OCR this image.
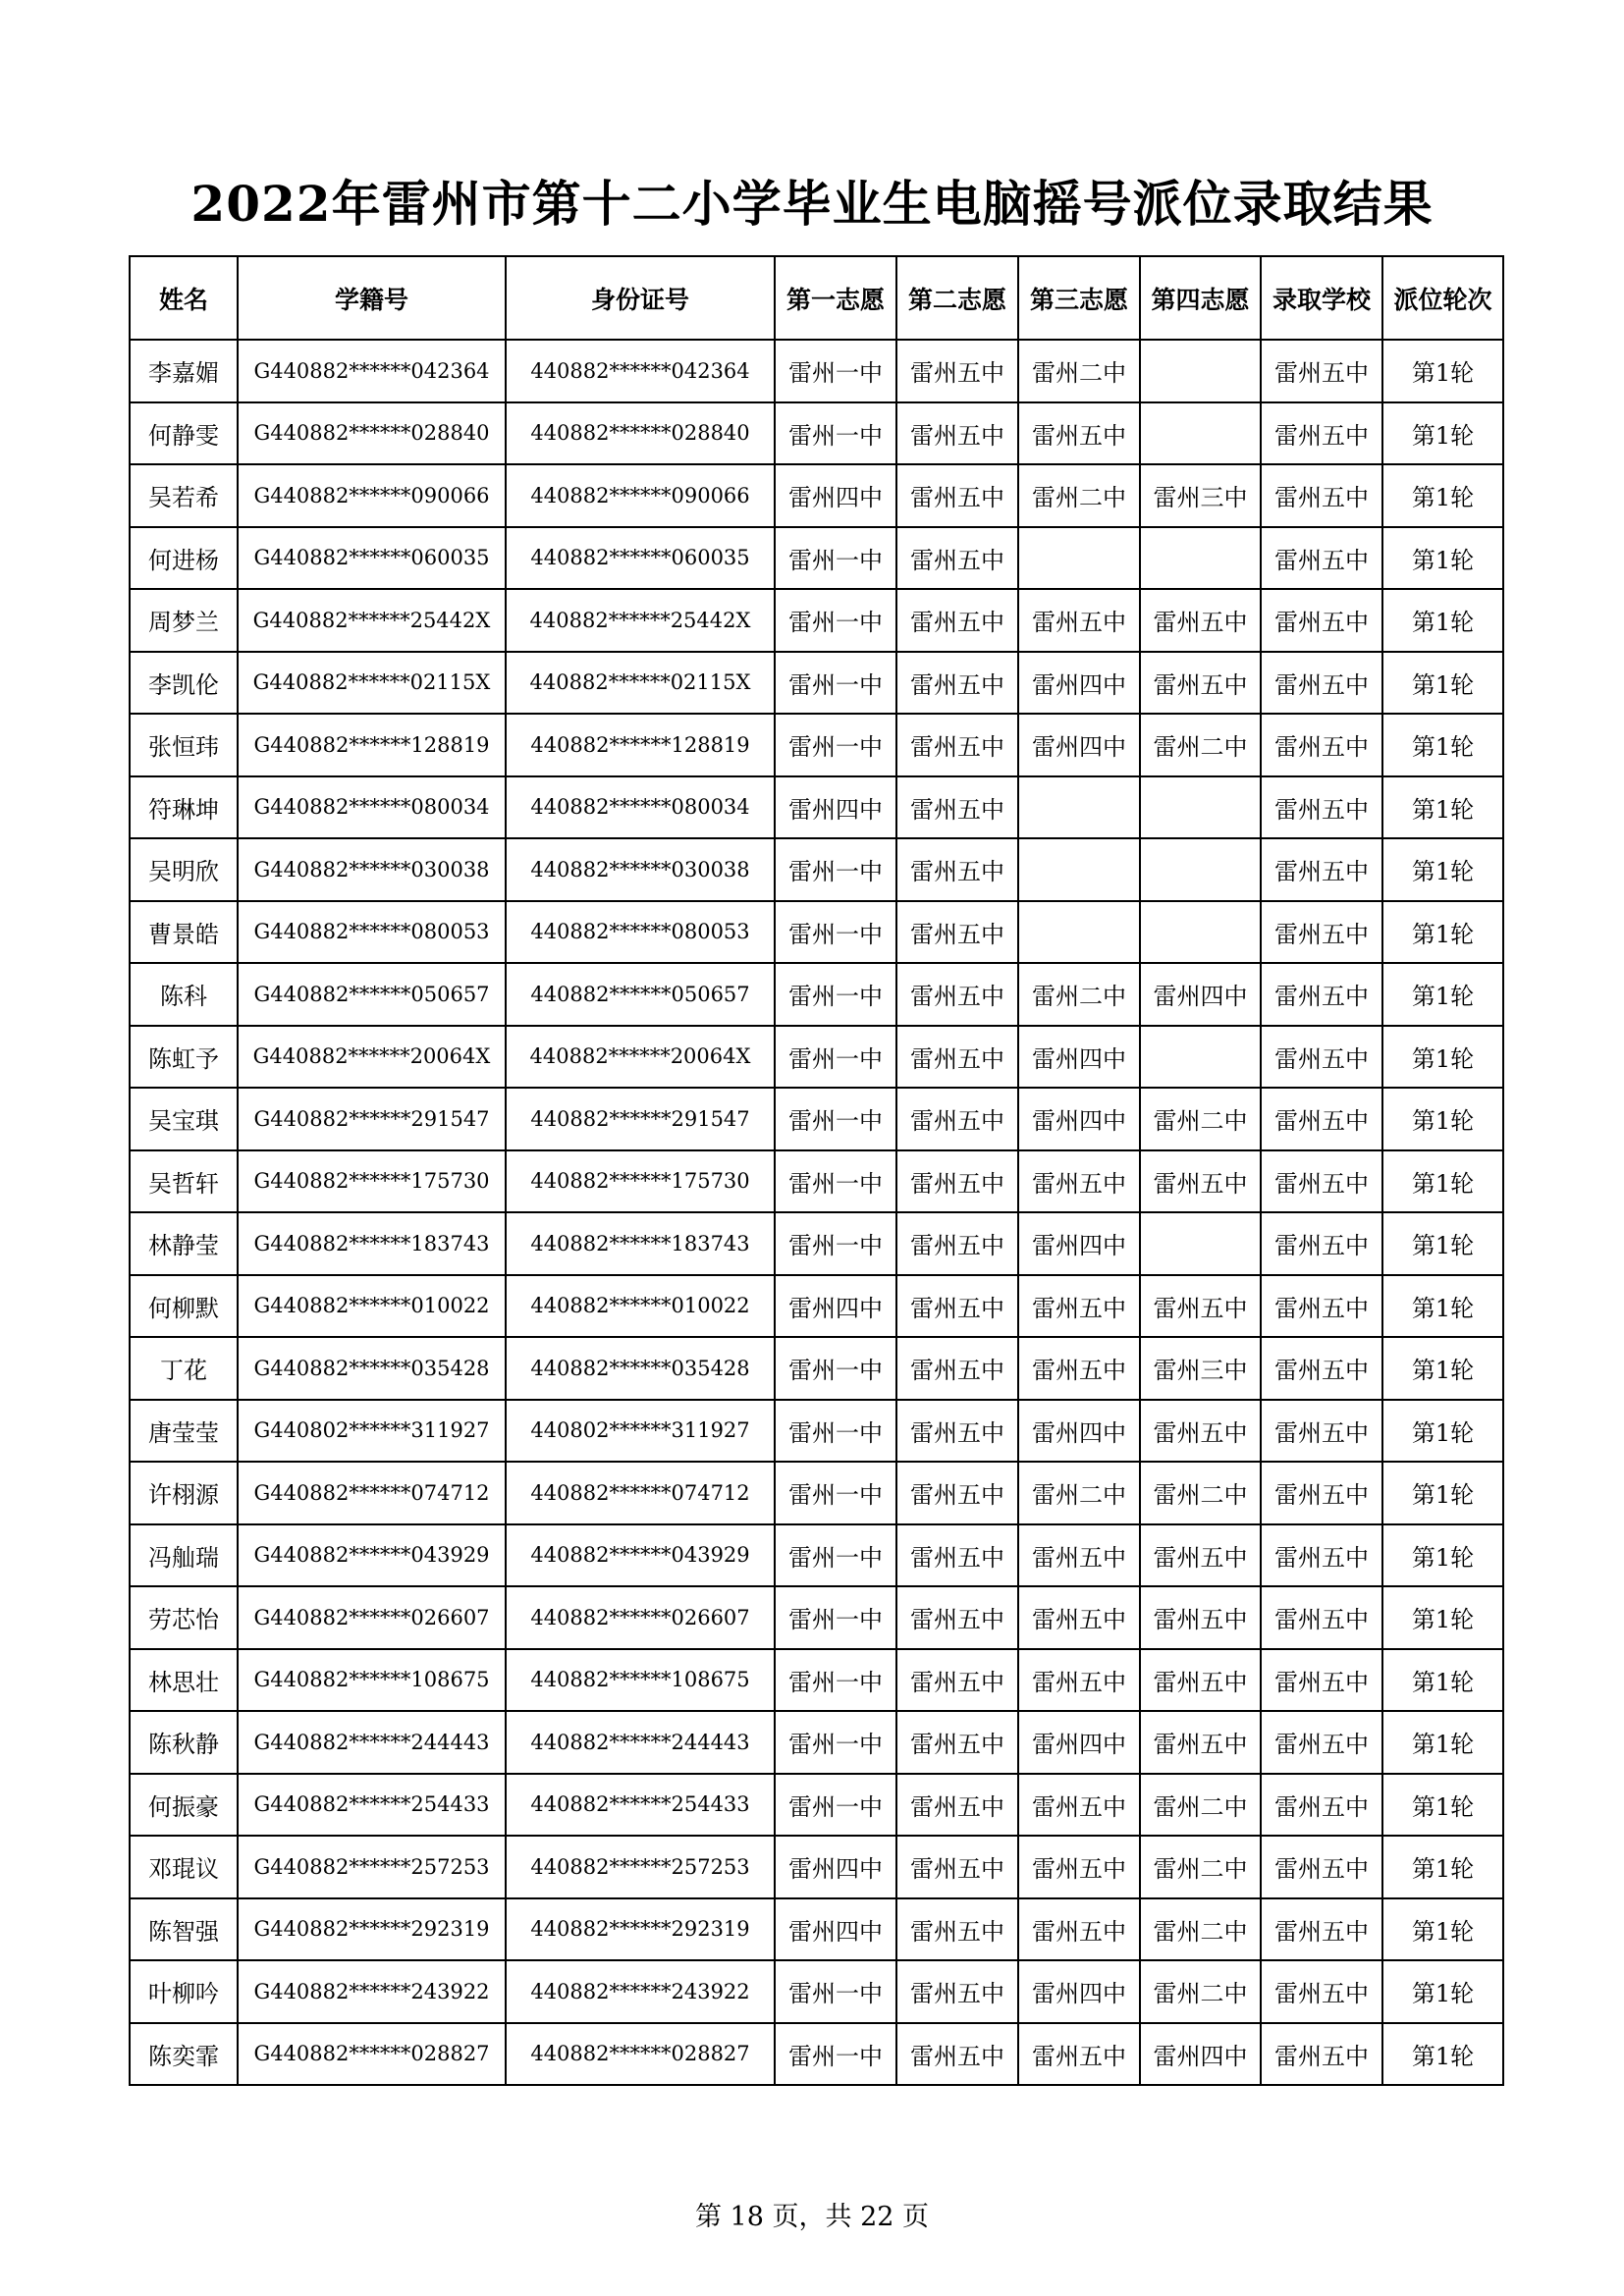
2022年雷州市第十二小学毕业生电脑摇号派位录取结果
姓名	学籍号	身份证号	第一志愿	第二志愿	第三志愿	第四志愿	录取学校	派位轮次
李嘉媚	G440882******042364	440882******042364	雷州一中	雷州五中	雷州二中		雷州五中	第1轮
何静雯	G440882******028840	440882******028840	雷州一中	雷州五中	雷州五中		雷州五中	第1轮
吴若希	G440882******090066	440882******090066	雷州四中	雷州五中	雷州二中	雷州三中	雷州五中	第1轮
何进杨	G440882******060035	440882******060035	雷州一中	雷州五中			雷州五中	第1轮
周梦兰	G440882******25442X	440882******25442X	雷州一中	雷州五中	雷州五中	雷州五中	雷州五中	第1轮
李凯伦	G440882******02115X	440882******02115X	雷州一中	雷州五中	雷州四中	雷州五中	雷州五中	第1轮
张恒玮	G440882******128819	440882******128819	雷州一中	雷州五中	雷州四中	雷州二中	雷州五中	第1轮
符琳坤	G440882******080034	440882******080034	雷州四中	雷州五中			雷州五中	第1轮
吴明欣	G440882******030038	440882******030038	雷州一中	雷州五中			雷州五中	第1轮
曹景皓	G440882******080053	440882******080053	雷州一中	雷州五中			雷州五中	第1轮
陈科	G440882******050657	440882******050657	雷州一中	雷州五中	雷州二中	雷州四中	雷州五中	第1轮
陈虹予	G440882******20064X	440882******20064X	雷州一中	雷州五中	雷州四中		雷州五中	第1轮
吴宝琪	G440882******291547	440882******291547	雷州一中	雷州五中	雷州四中	雷州二中	雷州五中	第1轮
吴哲轩	G440882******175730	440882******175730	雷州一中	雷州五中	雷州五中	雷州五中	雷州五中	第1轮
林静莹	G440882******183743	440882******183743	雷州一中	雷州五中	雷州四中		雷州五中	第1轮
何柳默	G440882******010022	440882******010022	雷州四中	雷州五中	雷州五中	雷州五中	雷州五中	第1轮
丁花	G440882******035428	440882******035428	雷州一中	雷州五中	雷州五中	雷州三中	雷州五中	第1轮
唐莹莹	G440802******311927	440802******311927	雷州一中	雷州五中	雷州四中	雷州五中	雷州五中	第1轮
许栩源	G440882******074712	440882******074712	雷州一中	雷州五中	雷州二中	雷州二中	雷州五中	第1轮
冯舢瑞	G440882******043929	440882******043929	雷州一中	雷州五中	雷州五中	雷州五中	雷州五中	第1轮
劳芯怡	G440882******026607	440882******026607	雷州一中	雷州五中	雷州五中	雷州五中	雷州五中	第1轮
林思壮	G440882******108675	440882******108675	雷州一中	雷州五中	雷州五中	雷州五中	雷州五中	第1轮
陈秋静	G440882******244443	440882******244443	雷州一中	雷州五中	雷州四中	雷州五中	雷州五中	第1轮
何振豪	G440882******254433	440882******254433	雷州一中	雷州五中	雷州五中	雷州二中	雷州五中	第1轮
邓琨议	G440882******257253	440882******257253	雷州四中	雷州五中	雷州五中	雷州二中	雷州五中	第1轮
陈智强	G440882******292319	440882******292319	雷州四中	雷州五中	雷州五中	雷州二中	雷州五中	第1轮
叶柳吟	G440882******243922	440882******243922	雷州一中	雷州五中	雷州四中	雷州二中	雷州五中	第1轮
陈奕霏	G440882******028827	440882******028827	雷州一中	雷州五中	雷州五中	雷州四中	雷州五中	第1轮
第 18 页，共 22 页
